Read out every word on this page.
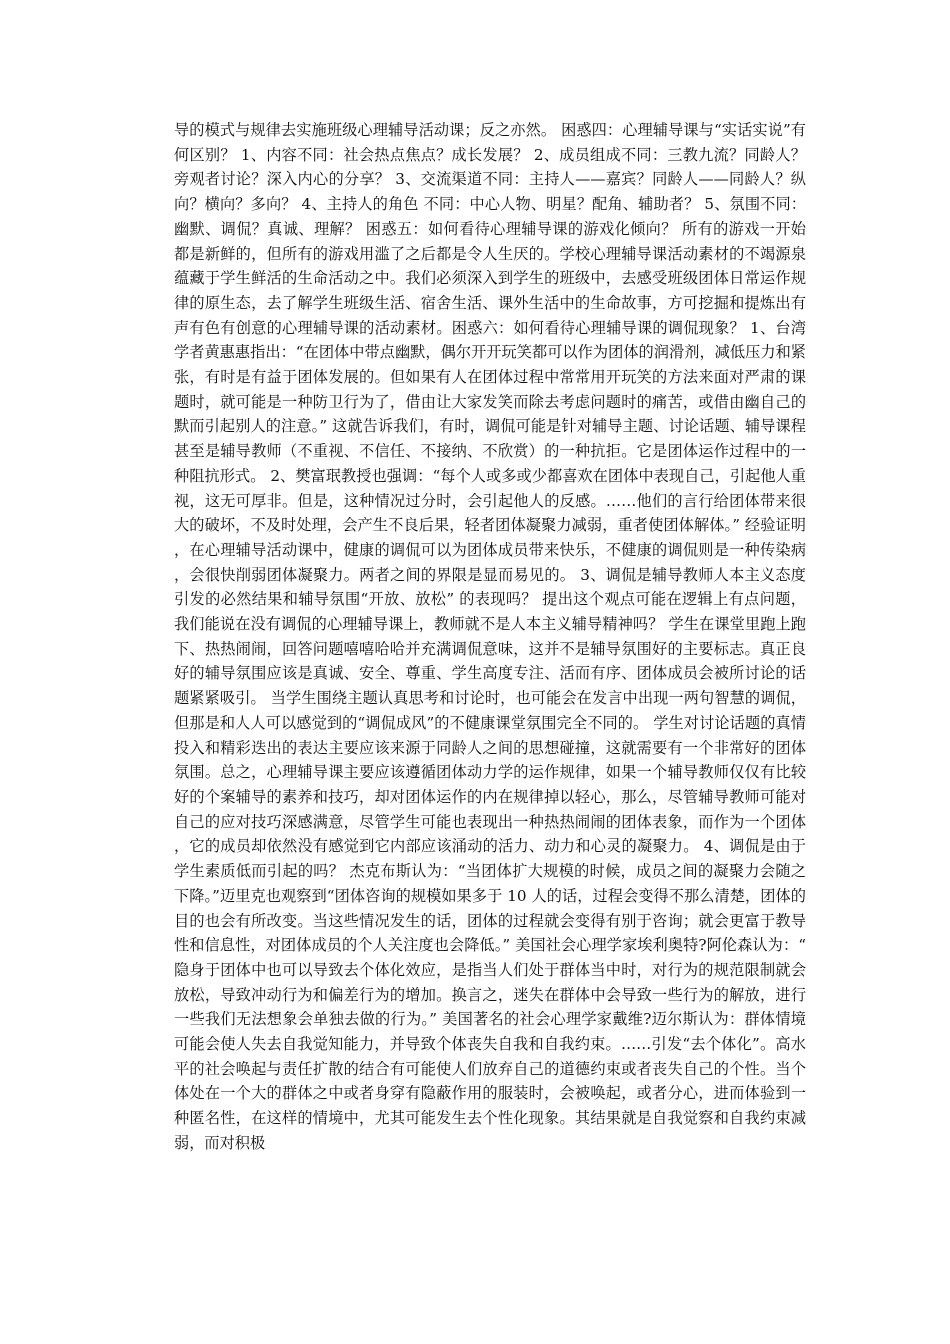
导的模式与规律去实施班级心理辅导活动课；反之亦然。 困惑四：心理辅导课与“实话实说”有何区别？ 1、内容不同：社会热点焦点？成长发展？ 2、成员组成不同：三教九流？同龄人？旁观者讨论？深入内心的分享？ 3、交流渠道不同：主持人——嘉宾？同龄人——同龄人？纵向？横向？多向？ 4、主持人的角色 不同：中心人物、明星？配角、辅助者？ 5、氛围不同：幽默、调侃？真诚、理解？ 困惑五：如何看待心理辅导课的游戏化倾向？ 所有的游戏一开始都是新鲜的，但所有的游戏用滥了之后都是令人生厌的。学校心理辅导课活动素材的不竭源泉蕴藏于学生鲜活的生命活动之中。我们必须深入到学生的班级中，去感受班级团体日常运作规律的原生态，去了解学生班级生活、宿舍生活、课外生活中的生命故事，方可挖掘和提炼出有声有色有创意的心理辅导课的活动素材。困惑六：如何看待心理辅导课的调侃现象？ 1、台湾学者黄惠惠指出：“在团体中带点幽默，偶尔开开玩笑都可以作为团体的润滑剂，减低压力和紧张，有时是有益于团体发展的。但如果有人在团体过程中常常用开玩笑的方法来面对严肃的课题时，就可能是一种防卫行为了，借由让大家发笑而除去考虑问题时的痛苦，或借由幽自己的默而引起别人的注意。” 这就告诉我们，有时，调侃可能是针对辅导主题、讨论话题、辅导课程甚至是辅导教师（不重视、不信任、不接纳、不欣赏）的一种抗拒。它是团体运作过程中的一种阻抗形式。 2、樊富珉教授也强调：“每个人或多或少都喜欢在团体中表现自己，引起他人重视，这无可厚非。但是，这种情况过分时，会引起他人的反感。……他们的言行给团体带来很大的破坏，不及时处理，会产生不良后果，轻者团体凝聚力减弱，重者使团体解体。” 经验证明，在心理辅导活动课中，健康的调侃可以为团体成员带来快乐，不健康的调侃则是一种传染病，会很快削弱团体凝聚力。两者之间的界限是显而易见的。 3、调侃是辅导教师人本主义态度引发的必然结果和辅导氛围“开放、放松” 的表现吗？ 提出这个观点可能在逻辑上有点问题，我们能说在没有调侃的心理辅导课上，教师就不是人本主义辅导精神吗？ 学生在课堂里跑上跑下、热热闹闹，回答问题嘻嘻哈哈并充满调侃意味，这并不是辅导氛围好的主要标志。真正良好的辅导氛围应该是真诚、安全、尊重、学生高度专注、活而有序、团体成员会被所讨论的话题紧紧吸引。 当学生围绕主题认真思考和讨论时，也可能会在发言中出现一两句智慧的调侃，但那是和人人可以感觉到的“调侃成风”的不健康课堂氛围完全不同的。 学生对讨论话题的真情投入和精彩迭出的表达主要应该来源于同龄人之间的思想碰撞，这就需要有一个非常好的团体氛围。总之，心理辅导课主要应该遵循团体动力学的运作规律，如果一个辅导教师仅仅有比较好的个案辅导的素养和技巧，却对团体运作的内在规律掉以轻心，那么，尽管辅导教师可能对自己的应对技巧深感满意，尽管学生可能也表现出一种热热闹闹的团体表象，而作为一个团体，它的成员却依然没有感觉到它内部应该涌动的活力、动力和心灵的凝聚力。 4、调侃是由于学生素质低而引起的吗？ 杰克布斯认为：“当团体扩大规模的时候，成员之间的凝聚力会随之下降。”迈里克也观察到“团体咨询的规模如果多于 10 人的话，过程会变得不那么清楚，团体的目的也会有所改变。当这些情况发生的话，团体的过程就会变得有别于咨询；就会更富于教导性和信息性，对团体成员的个人关注度也会降低。” 美国社会心理学家埃利奥特?阿伦森认为：“隐身于团体中也可以导致去个体化效应，是指当人们处于群体当中时，对行为的规范限制就会放松，导致冲动行为和偏差行为的增加。换言之，迷失在群体中会导致一些行为的解放，进行一些我们无法想象会单独去做的行为。” 美国著名的社会心理学家戴维?迈尔斯认为：群体情境可能会使人失去自我觉知能力，并导致个体丧失自我和自我约束。……引发“去个体化”。高水平的社会唤起与责任扩散的结合有可能使人们放弃自己的道德约束或者丧失自己的个性。当个体处在一个大的群体之中或者身穿有隐蔽作用的服装时，会被唤起，或者分心，进而体验到一种匿名性，在这样的情境中，尤其可能发生去个性化现象。其结果就是自我觉察和自我约束减弱，而对积极
